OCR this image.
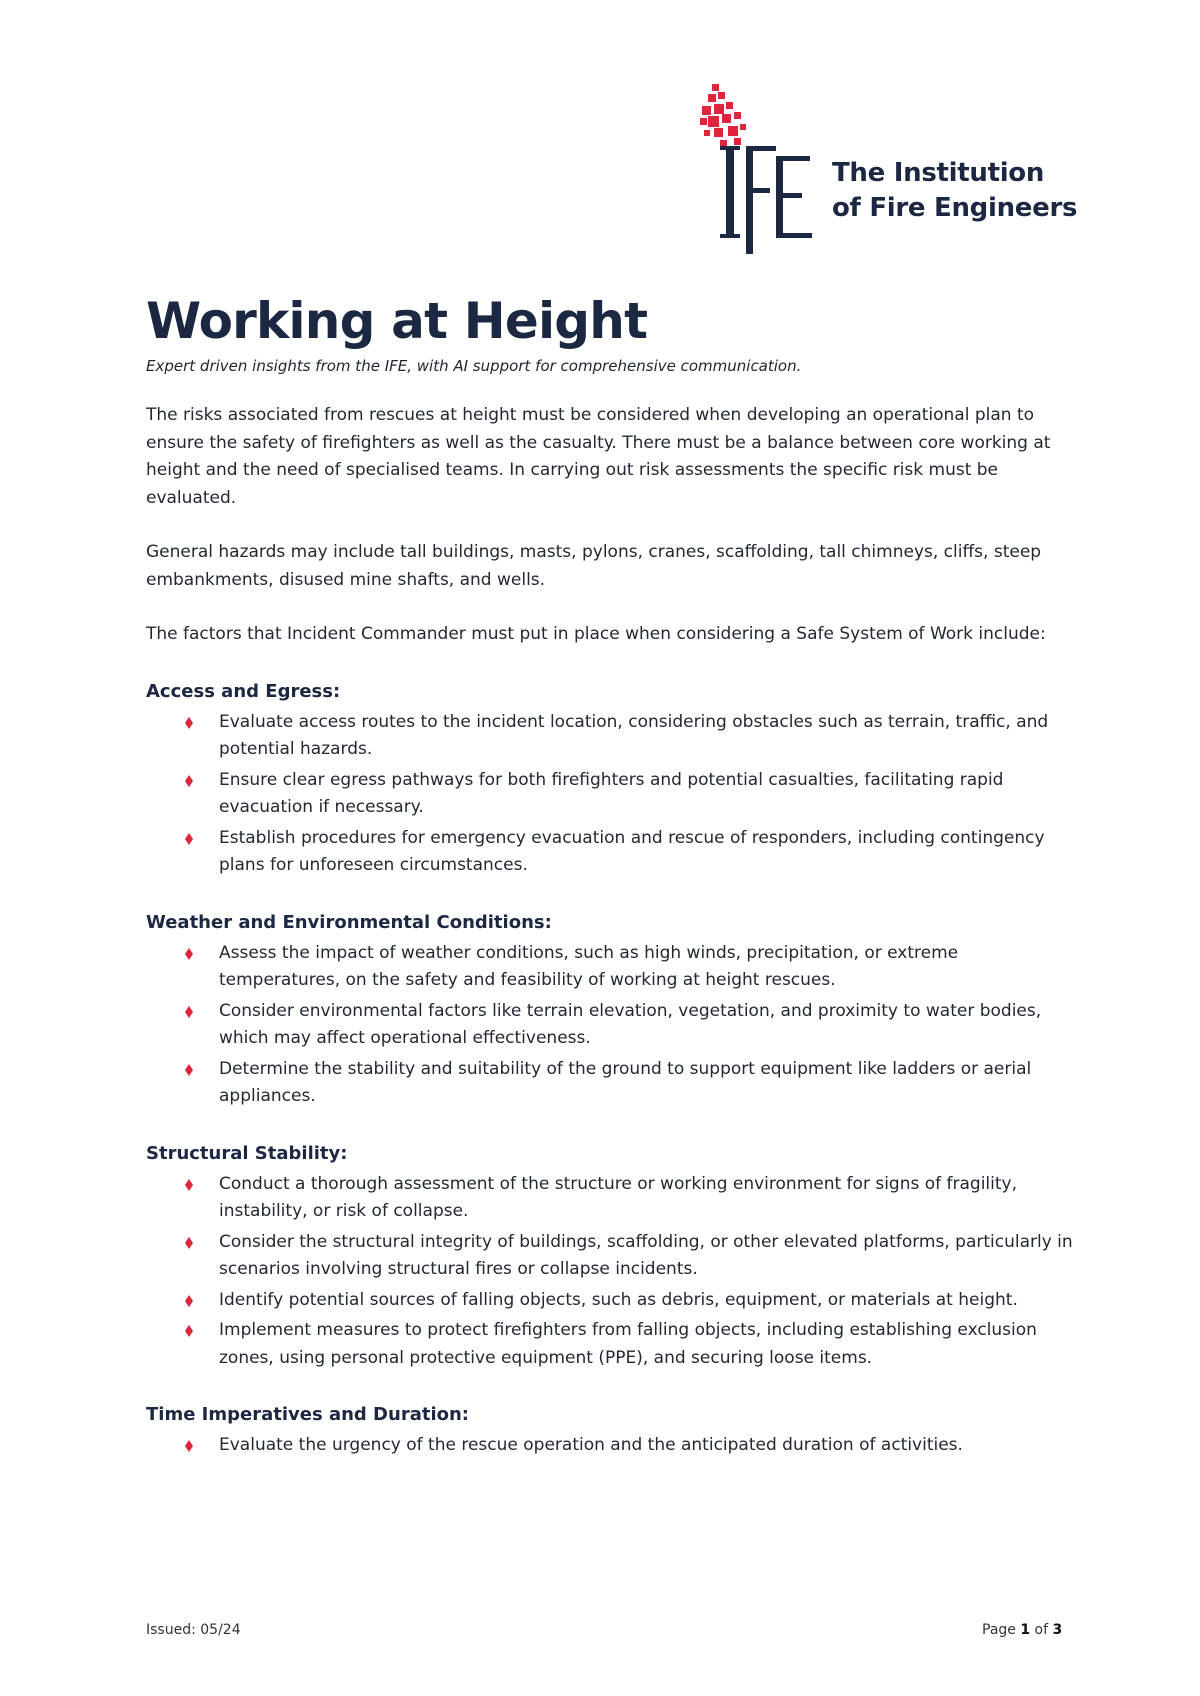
The Institution
of Fire Engineers
Working at Height
Expert driven insights from the IFE, with AI support for comprehensive communication.

The risks associated from rescues at height must be considered when developing an operational plan to ensure the safety of firefighters as well as the casualty. There must be a balance between core working at height and the need of specialised teams. In carrying out risk assessments the specific risk must be evaluated.

General hazards may include tall buildings, masts, pylons, cranes, scaffolding, tall chimneys, cliffs, steep embankments, disused mine shafts, and wells.

The factors that Incident Commander must put in place when considering a Safe System of Work include:

Access and Egress:
Evaluate access routes to the incident location, considering obstacles such as terrain, traffic, and potential hazards.
Ensure clear egress pathways for both firefighters and potential casualties, facilitating rapid evacuation if necessary.
Establish procedures for emergency evacuation and rescue of responders, including contingency plans for unforeseen circumstances.
Weather and Environmental Conditions:
Assess the impact of weather conditions, such as high winds, precipitation, or extreme temperatures, on the safety and feasibility of working at height rescues.
Consider environmental factors like terrain elevation, vegetation, and proximity to water bodies, which may affect operational effectiveness.
Determine the stability and suitability of the ground to support equipment like ladders or aerial appliances.
Structural Stability:
Conduct a thorough assessment of the structure or working environment for signs of fragility, instability, or risk of collapse.
Consider the structural integrity of buildings, scaffolding, or other elevated platforms, particularly in scenarios involving structural fires or collapse incidents.
Identify potential sources of falling objects, such as debris, equipment, or materials at height.
Implement measures to protect firefighters from falling objects, including establishing exclusion zones, using personal protective equipment (PPE), and securing loose items.
Time Imperatives and Duration:
Evaluate the urgency of the rescue operation and the anticipated duration of activities.
Issued: 05/24	Page 1 of 3
